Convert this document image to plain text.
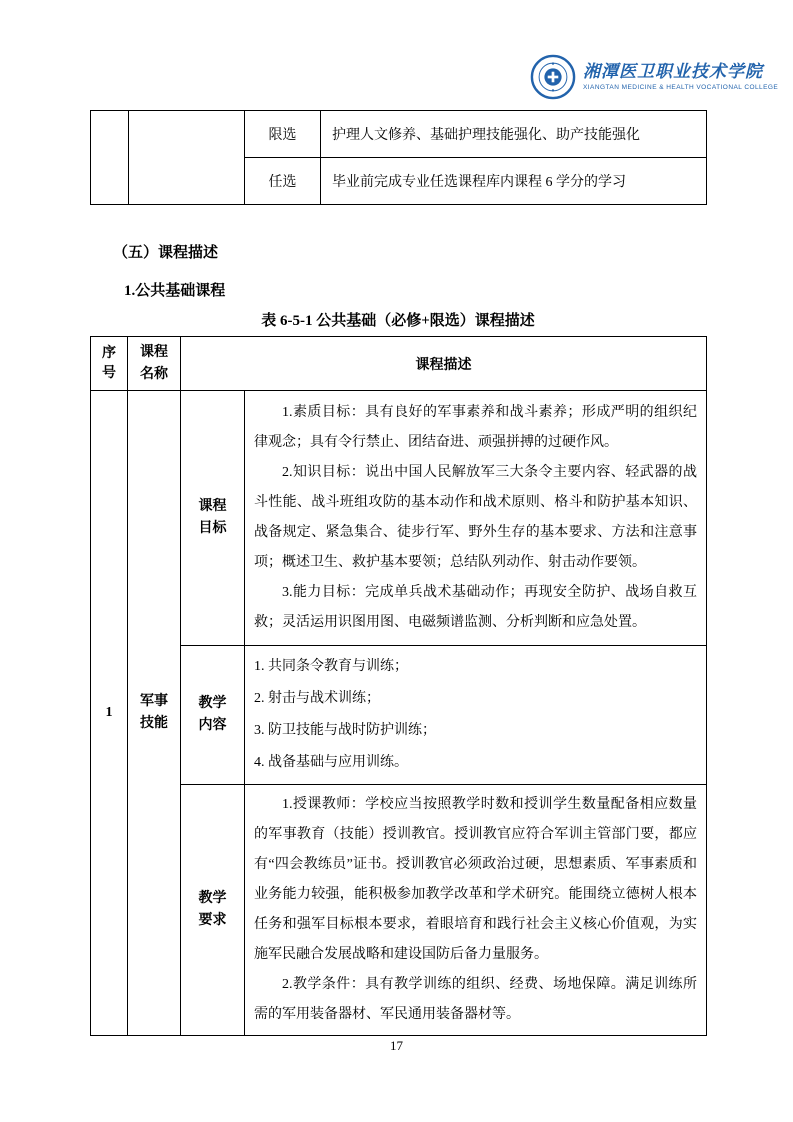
湘潭医卫职业技术学院
XIANGTAN MEDICINE & HEALTH VOCATIONAL COLLEGE
		限选	护理人文修养、基础护理技能强化、助产技能强化
		任选	毕业前完成专业任选课程库内课程 6 学分的学习
（五）课程描述
1.公共基础课程
表 6-5-1 公共基础（必修+限选）课程描述
序号	课程名称	课程描述	
1	军事技能	课程目标	1.素质目标：具有良好的军事素养和战斗素养；形成严明的组织纪律观念；具有令行禁止、团结奋进、顽强拼搏的过硬作风。

2.知识目标：说出中国人民解放军三大条令主要内容、轻武器的战斗性能、战斗班组攻防的基本动作和战术原则、格斗和防护基本知识、战备规定、紧急集合、徒步行军、野外生存的基本要求、方法和注意事项；概述卫生、救护基本要领；总结队列动作、射击动作要领。

3.能力目标：完成单兵战术基础动作；再现安全防护、战场自救互救；灵活运用识图用图、电磁频谱监测、分析判断和应急处置。

		教学内容	1. 共同条令教育与训练；

2. 射击与战术训练；

3. 防卫技能与战时防护训练；

4. 战备基础与应用训练。

		教学要求	1.授课教师：学校应当按照教学时数和授训学生数量配备相应数量的军事教育（技能）授训教官。授训教官应符合军训主管部门要，都应有“四会教练员”证书。授训教官必须政治过硬，思想素质、军事素质和业务能力较强，能积极参加教学改革和学术研究。能围绕立德树人根本任务和强军目标根本要求，着眼培育和践行社会主义核心价值观，为实施军民融合发展战略和建设国防后备力量服务。

2.教学条件：具有教学训练的组织、经费、场地保障。满足训练所需的军用装备器材、军民通用装备器材等。

17
